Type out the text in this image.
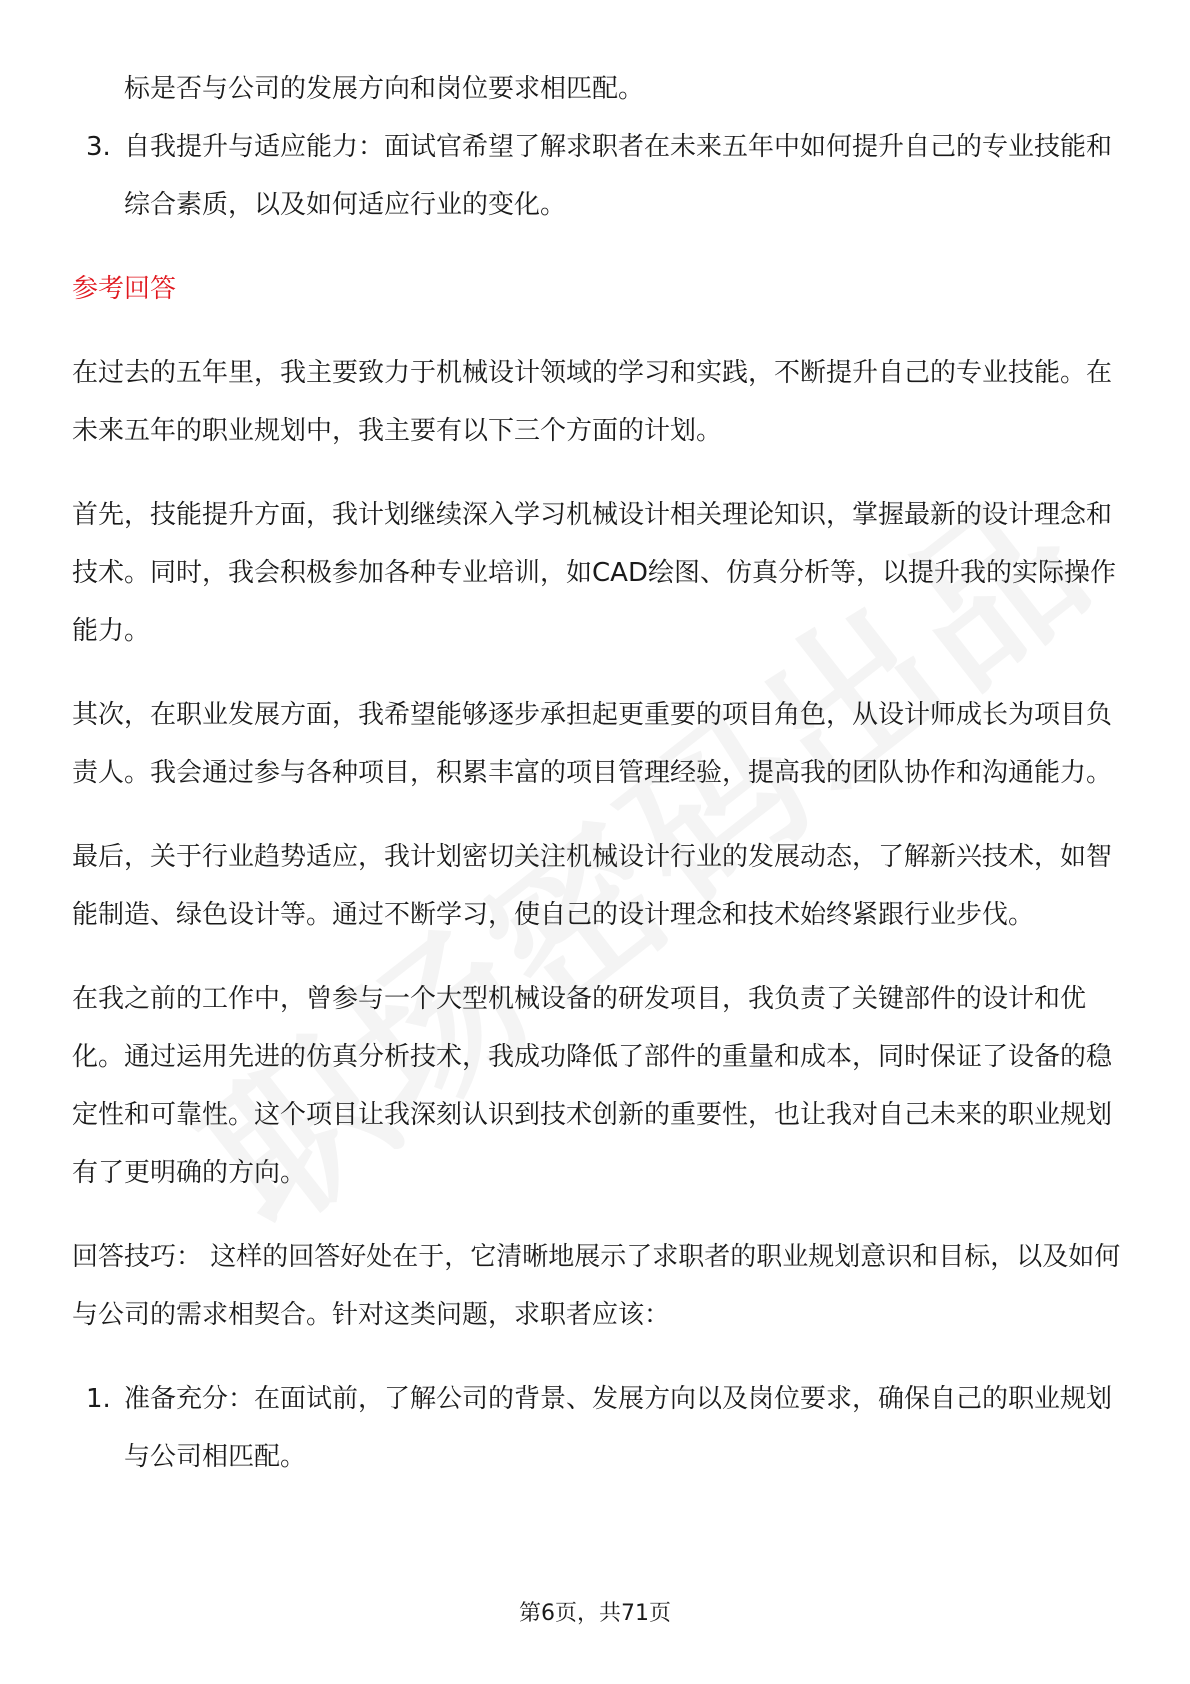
标是否与公司的发展方向和岗位要求相匹配。

3. 自我提升与适应能力：面试官希望了解求职者在未来五年中如何提升自己的专业技能和综合素质，以及如何适应行业的变化。

参考回答

在过去的五年里，我主要致力于机械设计领域的学习和实践，不断提升自己的专业技能。在未来五年的职业规划中，我主要有以下三个方面的计划。

首先，技能提升方面，我计划继续深入学习机械设计相关理论知识，掌握最新的设计理念和技术。同时，我会积极参加各种专业培训，如CAD绘图、仿真分析等，以提升我的实际操作能力。

其次，在职业发展方面，我希望能够逐步承担起更重要的项目角色，从设计师成长为项目负责人。我会通过参与各种项目，积累丰富的项目管理经验，提高我的团队协作和沟通能力。

最后，关于行业趋势适应，我计划密切关注机械设计行业的发展动态，了解新兴技术，如智能制造、绿色设计等。通过不断学习，使自己的设计理念和技术始终紧跟行业步伐。

在我之前的工作中，曾参与一个大型机械设备的研发项目，我负责了关键部件的设计和优化。通过运用先进的仿真分析技术，我成功降低了部件的重量和成本，同时保证了设备的稳定性和可靠性。这个项目让我深刻认识到技术创新的重要性，也让我对自己未来的职业规划有了更明确的方向。

回答技巧： 这样的回答好处在于，它清晰地展示了求职者的职业规划意识和目标，以及如何与公司的需求相契合。针对这类问题，求职者应该：

1. 准备充分：在面试前，了解公司的背景、发展方向以及岗位要求，确保自己的职业规划与公司相匹配。
第6页，共71页
